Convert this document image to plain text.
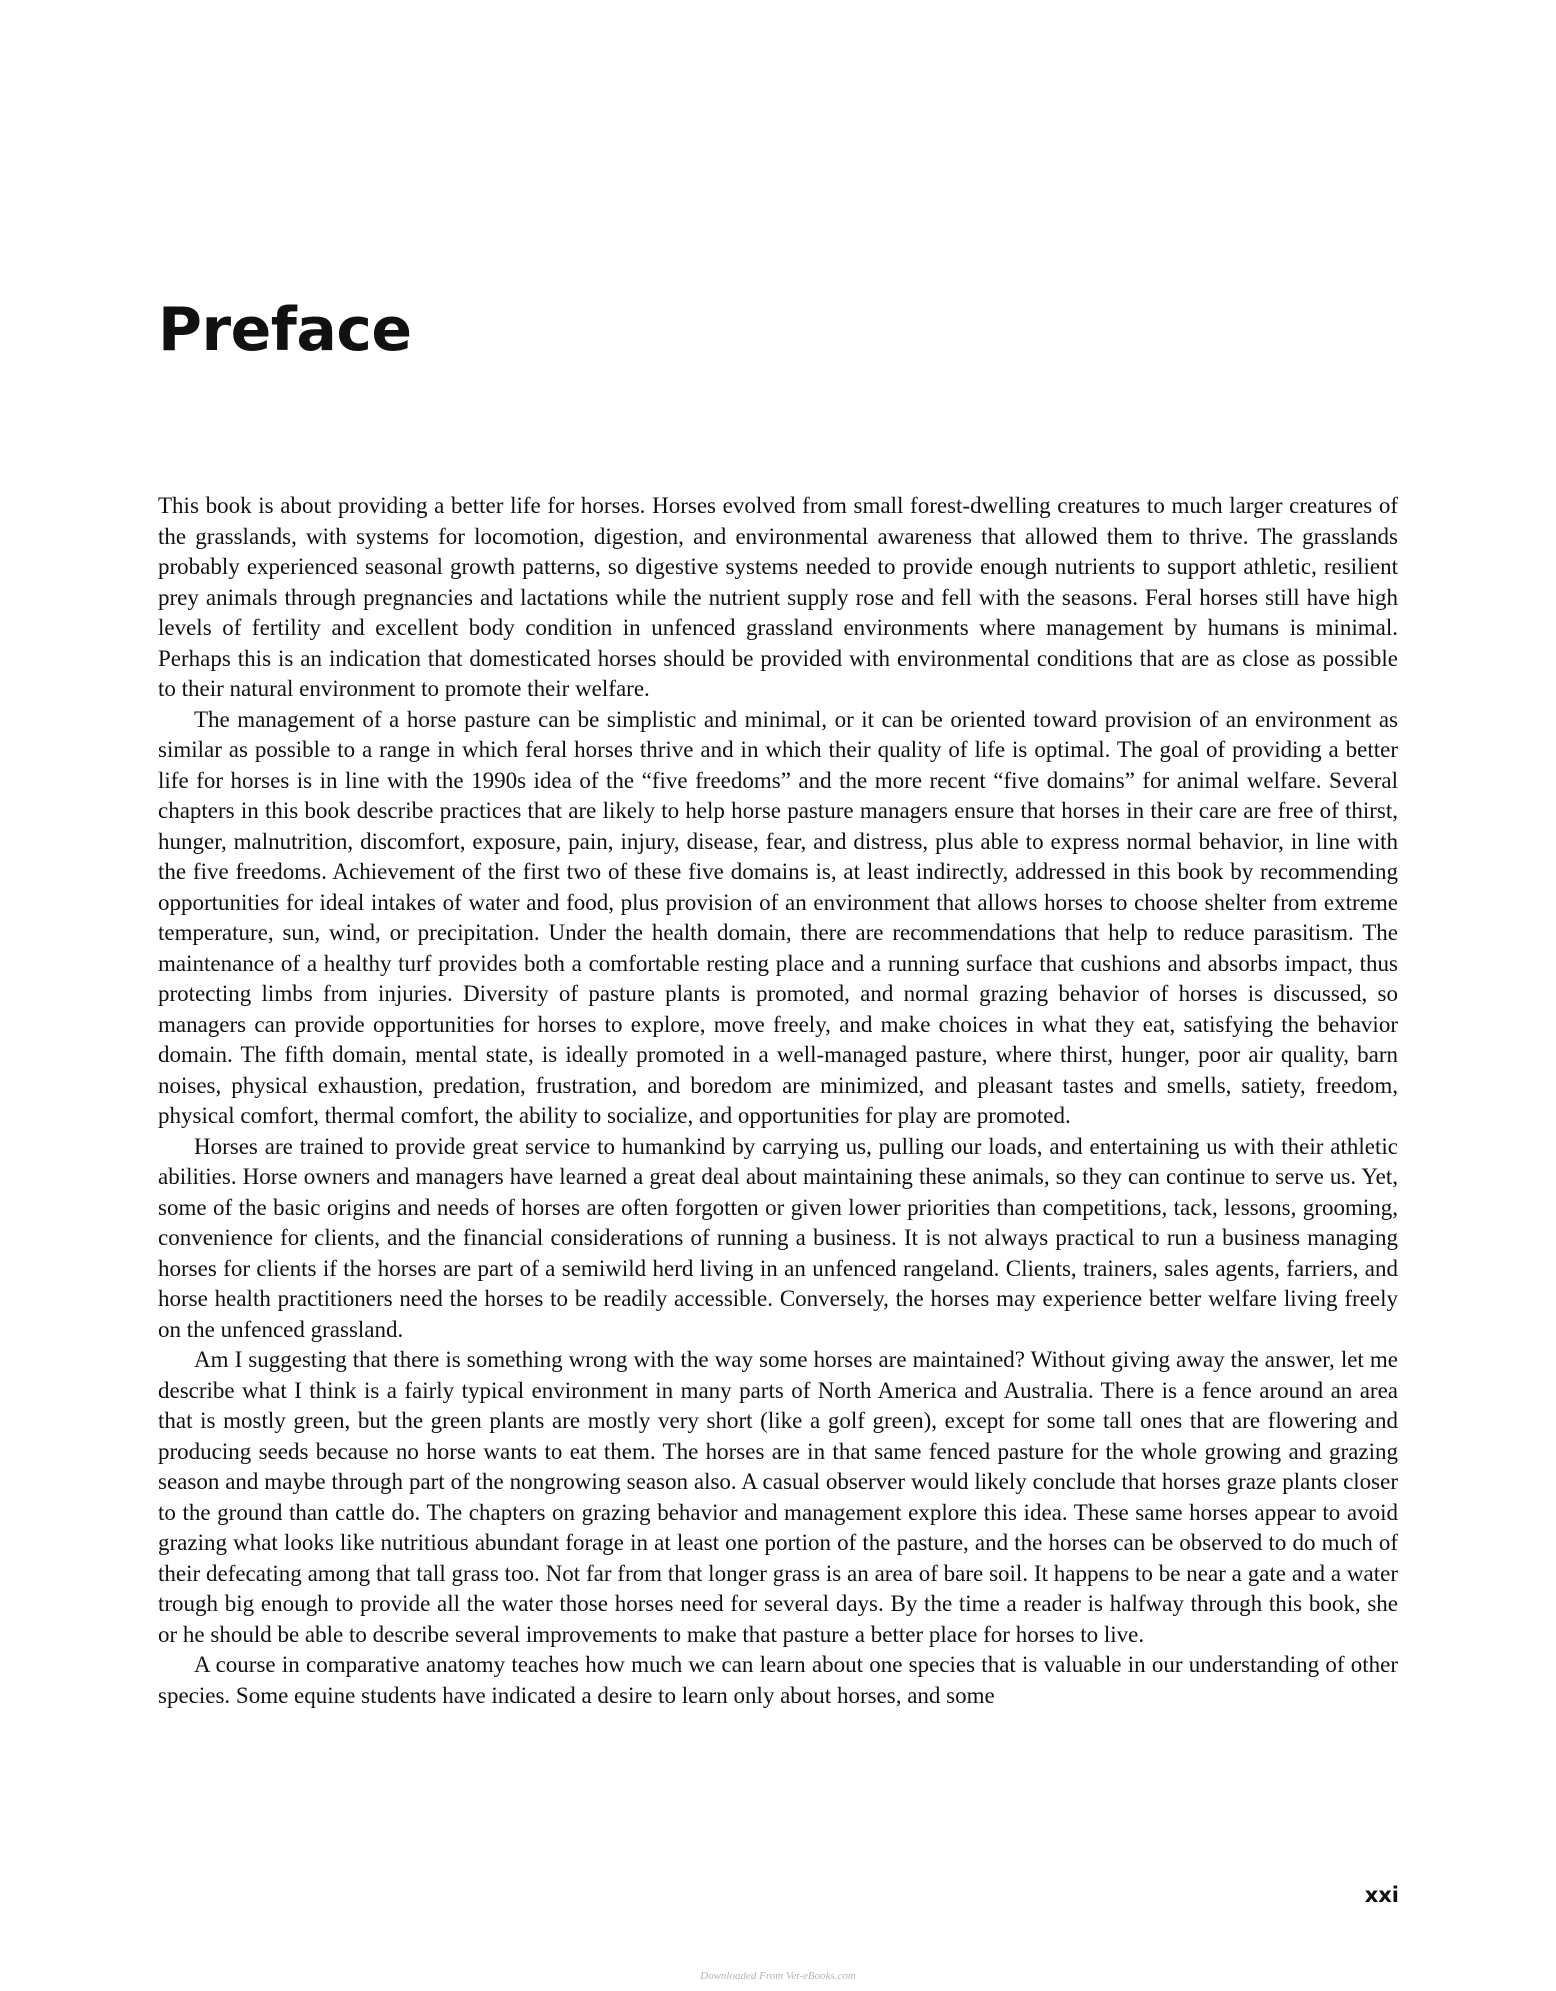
Preface

This book is about providing a better life for horses. Horses evolved from small forest-dwelling creatures to much larger creatures of the grasslands, with systems for locomotion, digestion, and environmental awareness that allowed them to thrive. The grasslands probably experienced seasonal growth patterns, so digestive systems needed to provide enough nutrients to support athletic, resilient prey animals through pregnancies and lactations while the nutrient supply rose and fell with the seasons. Feral horses still have high levels of fertility and excellent body condition in unfenced grassland environments where management by humans is minimal. Perhaps this is an indication that domesticated horses should be provided with environmental conditions that are as close as possible to their natural environment to promote their welfare.

The management of a horse pasture can be simplistic and minimal, or it can be oriented toward provision of an environment as similar as possible to a range in which feral horses thrive and in which their quality of life is optimal. The goal of providing a better life for horses is in line with the 1990s idea of the “five freedoms” and the more recent “five domains” for animal welfare. Several chapters in this book describe practices that are likely to help horse pasture managers ensure that horses in their care are free of thirst, hunger, malnutrition, discomfort, exposure, pain, injury, disease, fear, and distress, plus able to express normal behavior, in line with the five freedoms. Achievement of the first two of these five domains is, at least indirectly, addressed in this book by recommending opportunities for ideal intakes of water and food, plus provision of an environment that allows horses to choose shelter from extreme temperature, sun, wind, or precipitation. Under the health domain, there are recommendations that help to reduce parasitism. The maintenance of a healthy turf provides both a comfortable resting place and a running surface that cushions and absorbs impact, thus protecting limbs from injuries. Diversity of pasture plants is promoted, and normal grazing behavior of horses is discussed, so managers can provide opportunities for horses to explore, move freely, and make choices in what they eat, satisfying the behavior domain. The fifth domain, mental state, is ideally promoted in a well-managed pasture, where thirst, hunger, poor air quality, barn noises, physical exhaustion, predation, frustration, and boredom are minimized, and pleasant tastes and smells, satiety, freedom, physical comfort, thermal comfort, the ability to socialize, and opportunities for play are promoted.

Horses are trained to provide great service to humankind by carrying us, pulling our loads, and entertaining us with their athletic abilities. Horse owners and managers have learned a great deal about maintaining these animals, so they can continue to serve us. Yet, some of the basic origins and needs of horses are often forgotten or given lower priorities than competitions, tack, lessons, grooming, convenience for clients, and the financial considerations of running a business. It is not always practical to run a business managing horses for clients if the horses are part of a semiwild herd living in an unfenced rangeland. Clients, trainers, sales agents, farriers, and horse health practitioners need the horses to be readily accessible. Conversely, the horses may experience better welfare living freely on the unfenced grassland.

Am I suggesting that there is something wrong with the way some horses are maintained? Without giving away the answer, let me describe what I think is a fairly typical environment in many parts of North America and Australia. There is a fence around an area that is mostly green, but the green plants are mostly very short (like a golf green), except for some tall ones that are flowering and producing seeds because no horse wants to eat them. The horses are in that same fenced pasture for the whole growing and grazing season and maybe through part of the nongrowing season also. A casual observer would likely conclude that horses graze plants closer to the ground than cattle do. The chapters on grazing behavior and management explore this idea. These same horses appear to avoid grazing what looks like nutritious abundant forage in at least one portion of the pasture, and the horses can be observed to do much of their defecating among that tall grass too. Not far from that longer grass is an area of bare soil. It happens to be near a gate and a water trough big enough to provide all the water those horses need for several days. By the time a reader is halfway through this book, she or he should be able to describe several improvements to make that pasture a better place for horses to live.

A course in comparative anatomy teaches how much we can learn about one species that is valuable in our understanding of other species. Some equine students have indicated a desire to learn only about horses, and some

xxi
Downloaded From Vet-eBooks.com
